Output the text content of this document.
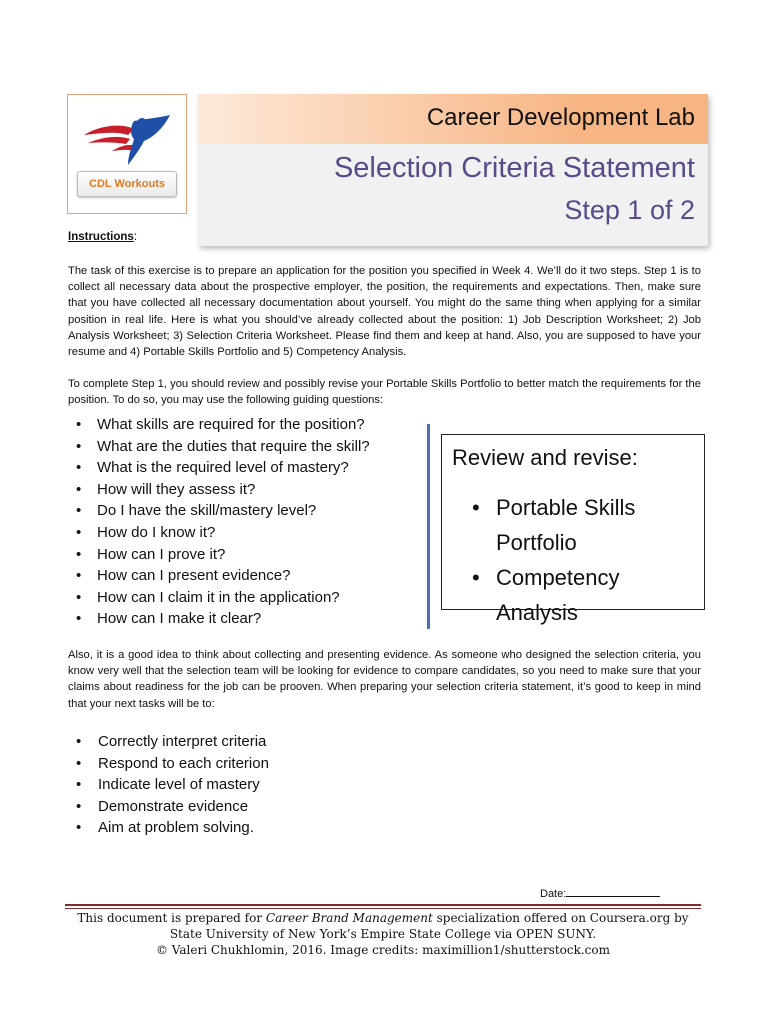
CDL Workouts
Career Development Lab
Selection Criteria Statement
Step 1 of 2
Instructions:
The task of this exercise is to prepare an application for the position you specified in Week 4. We’ll do it two steps. Step 1 is to collect all necessary data about the prospective employer, the position, the requirements and expectations. Then, make sure that you have collected all necessary documentation about yourself. You might do the same thing when applying for a similar position in real life. Here is what you should’ve already collected about the position: 1) Job Description Worksheet; 2) Job Analysis Worksheet; 3) Selection Criteria Worksheet. Please find them and keep at hand. Also, you are supposed to have your resume and 4) Portable Skills Portfolio and 5) Competency Analysis.
To complete Step 1, you should review and possibly revise your Portable Skills Portfolio to better match the requirements for the position. To do so, you may use the following guiding questions:
• What skills are required for the position?
• What are the duties that require the skill?
• What is the required level of mastery?
• How will they assess it?
• Do I have the skill/mastery level?
• How do I know it?
• How can I prove it?
• How can I present evidence?
• How can I claim it in the application?
• How can I make it clear?
Review and revise:
• Portable Skills Portfolio
• Competency Analysis
Also, it is a good idea to think about collecting and presenting evidence. As someone who designed the selection criteria, you know very well that the selection team will be looking for evidence to compare candidates, so you need to make sure that your claims about readiness for the job can be prooven. When preparing your selection criteria statement, it’s good to keep in mind that your next tasks will be to:
• Correctly interpret criteria
• Respond to each criterion
• Indicate level of mastery
• Demonstrate evidence
• Aim at problem solving.
Date:
This document is prepared for Career Brand Management specialization offered on Coursera.org by
State University of New York’s Empire State College via OPEN SUNY.
© Valeri Chukhlomin, 2016. Image credits: maximillion1/shutterstock.com
